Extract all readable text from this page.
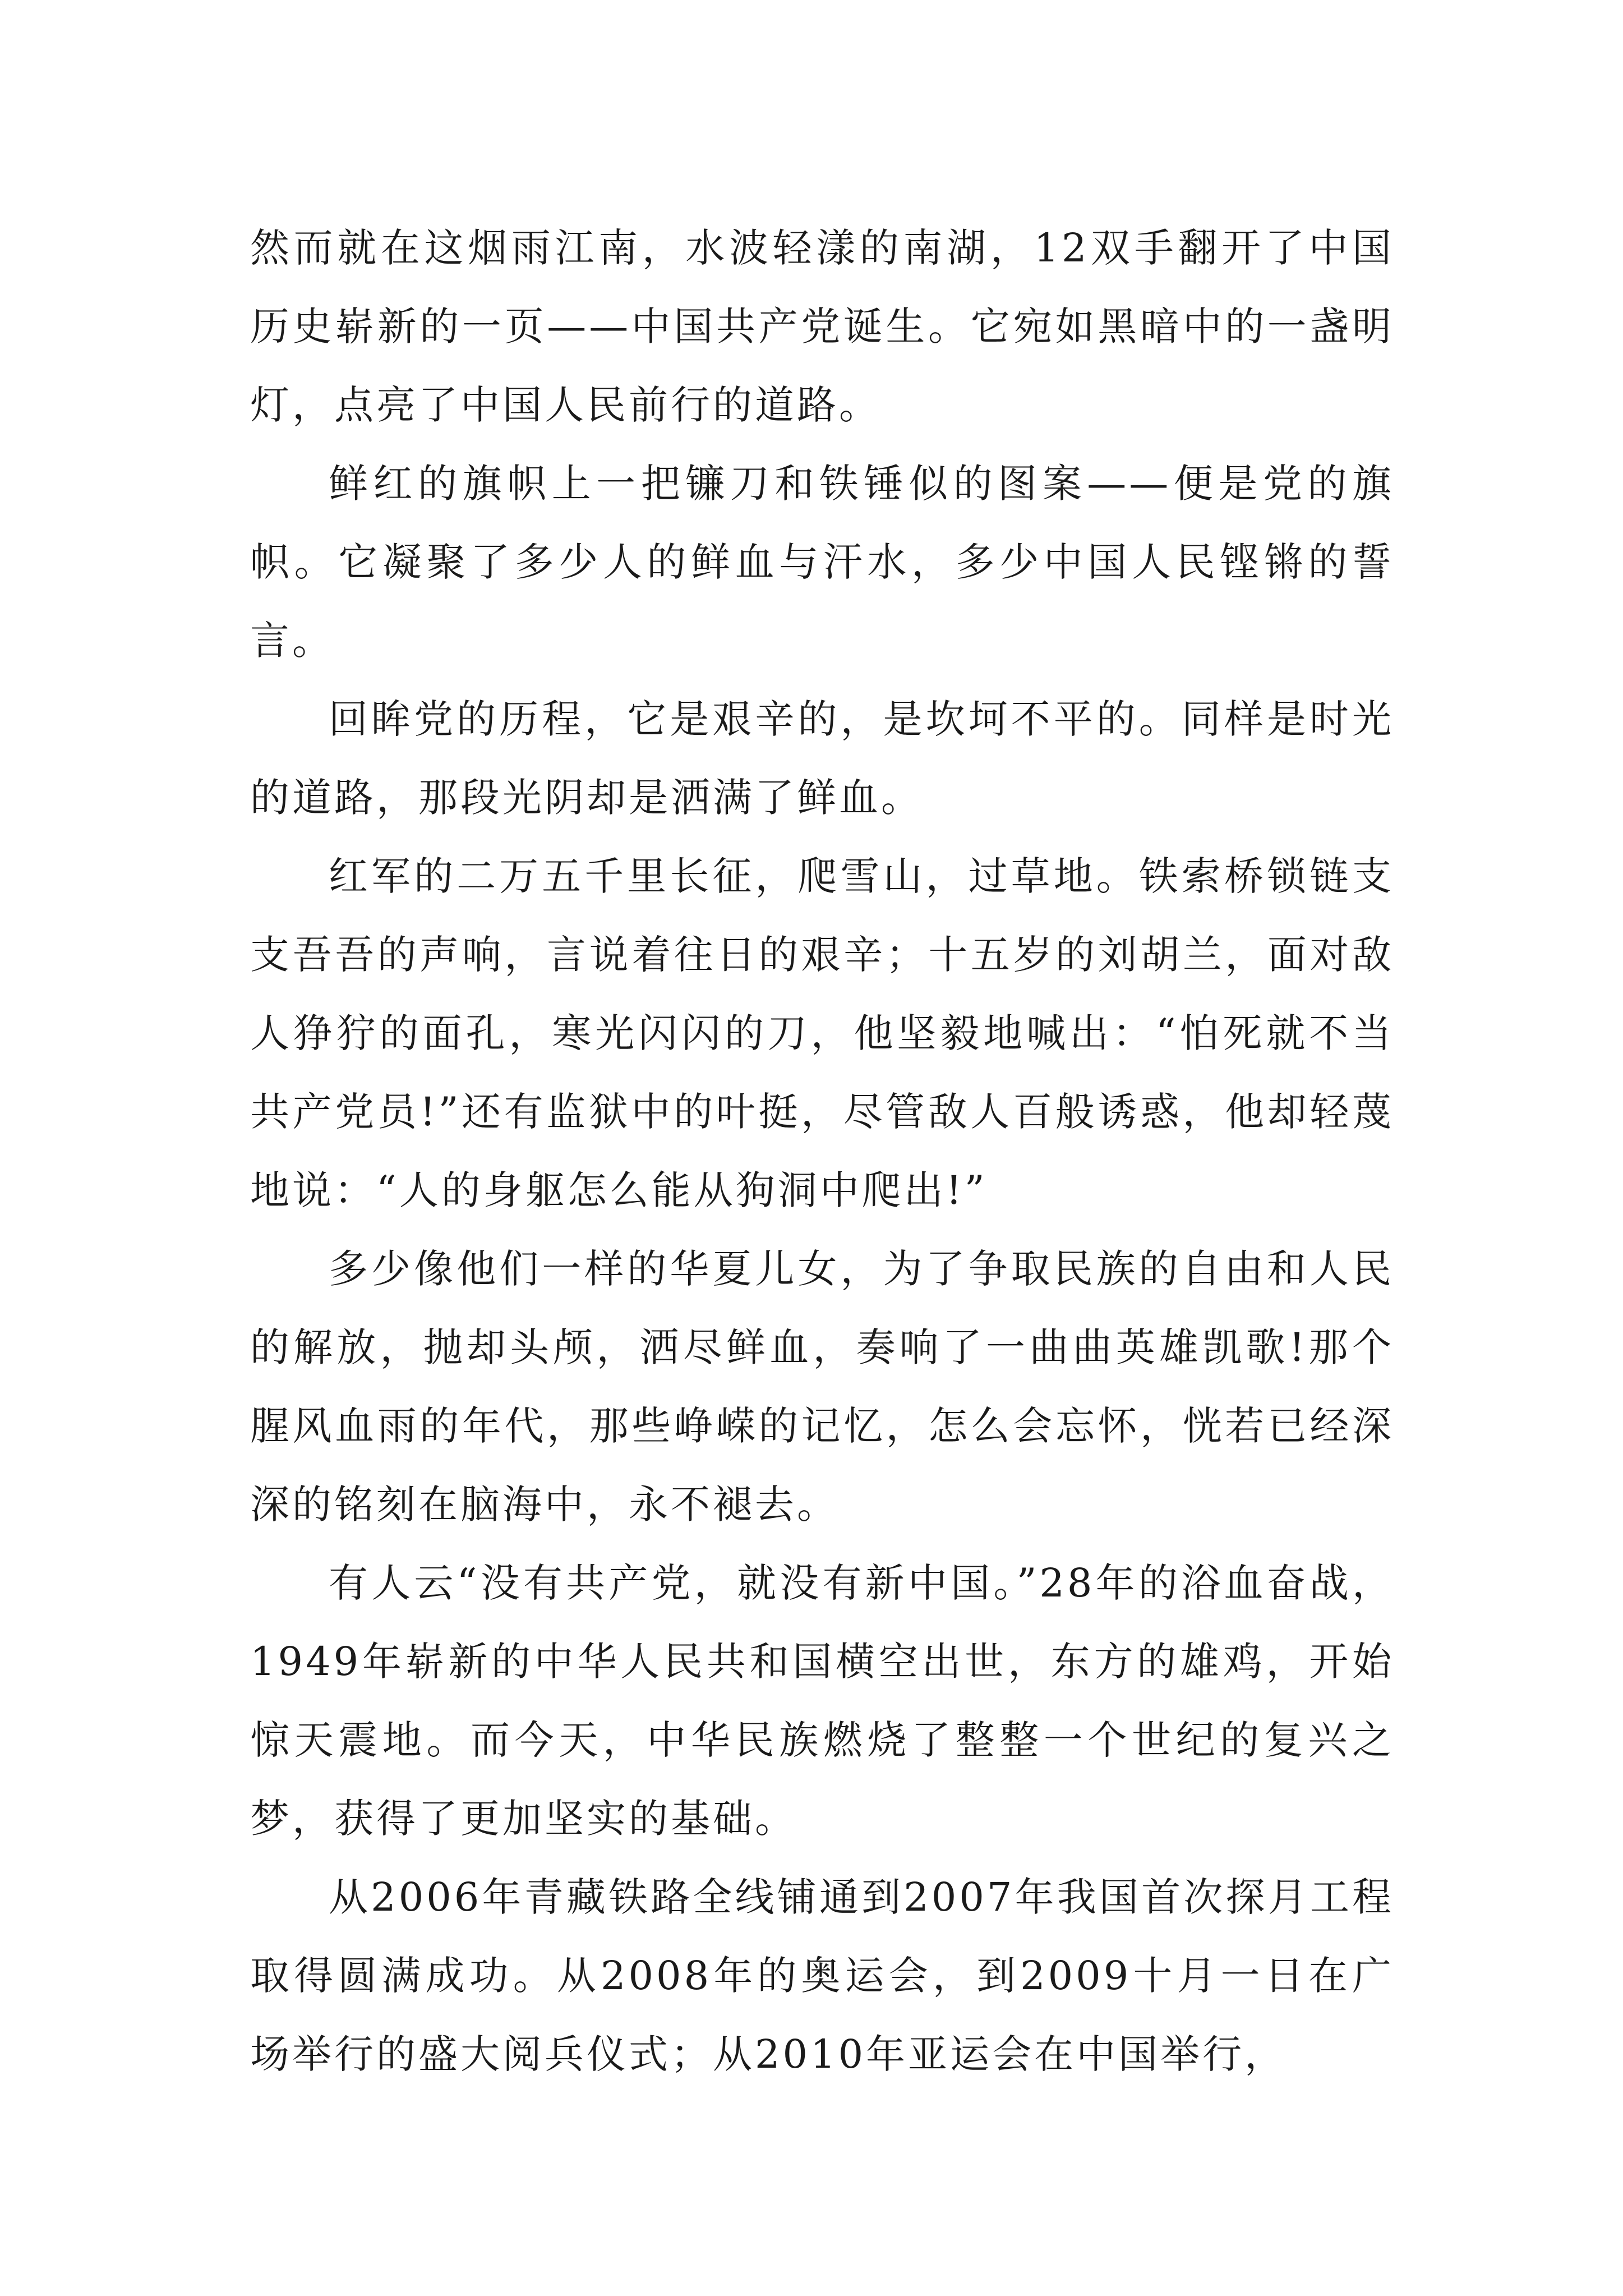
然而就在这烟雨江南，水波轻漾的南湖，12双手翻开了中国历史崭新的一页——中国共产党诞生。它宛如黑暗中的一盏明灯，点亮了中国人民前行的道路。

鲜红的旗帜上一把镰刀和铁锤似的图案——便是党的旗帜。它凝聚了多少人的鲜血与汗水，多少中国人民铿锵的誓言。

回眸党的历程，它是艰辛的，是坎坷不平的。同样是时光的道路，那段光阴却是洒满了鲜血。

红军的二万五千里长征，爬雪山，过草地。铁索桥锁链支支吾吾的声响，言说着往日的艰辛；十五岁的刘胡兰，面对敌人狰狞的面孔，寒光闪闪的刀，他坚毅地喊出：“怕死就不当共产党员!”还有监狱中的叶挺，尽管敌人百般诱惑，他却轻蔑地说：“人的身躯怎么能从狗洞中爬出!”

多少像他们一样的华夏儿女，为了争取民族的自由和人民的解放，抛却头颅，洒尽鲜血，奏响了一曲曲英雄凯歌!那个腥风血雨的年代，那些峥嵘的记忆，怎么会忘怀，恍若已经深深的铭刻在脑海中，永不褪去。

有人云“没有共产党，就没有新中国。”28年的浴血奋战，1949年崭新的中华人民共和国横空出世，东方的雄鸡，开始惊天震地。而今天，中华民族燃烧了整整一个世纪的复兴之梦，获得了更加坚实的基础。

从2006年青藏铁路全线铺通到2007年我国首次探月工程取得圆满成功。从2008年的奥运会，到2009十月一日在广场举行的盛大阅兵仪式；从2010年亚运会在中国举行，
